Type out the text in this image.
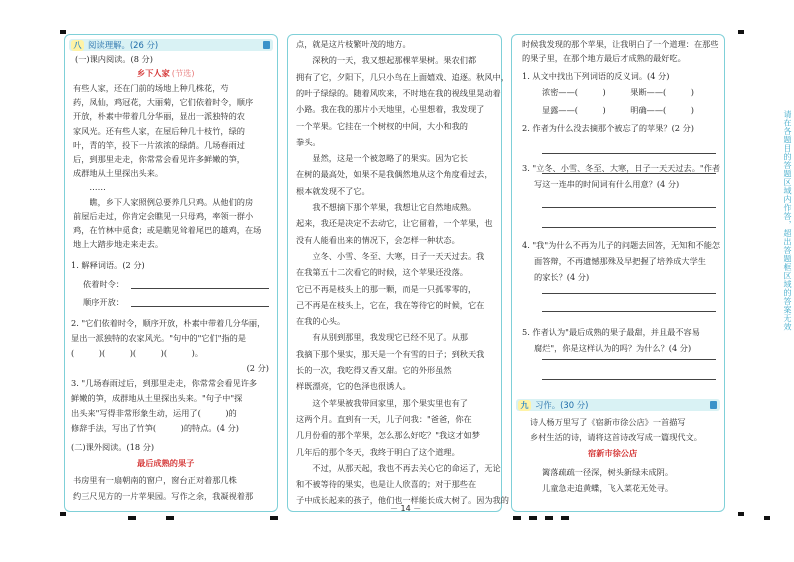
八 阅读理解。(26 分)
(一)课内阅读。(8 分)
乡下人家 (节选)
有些人家，还在门前的场地上种几株花，芍
药，凤仙，鸡冠花，大丽菊，它们依着时令，顺序
开放，朴素中带着几分华丽，显出一派独特的农
家风光。还有些人家，在屋后种几十枝竹，绿的
叶，青的竿，投下一片浓浓的绿荫。几场春雨过
后，到那里走走，你常常会看见许多鲜嫩的笋，
成群地从土里探出头来。
　　……
　　瞧，乡下人家照例总要养几只鸡。从他们的房
前屋后走过，你肯定会瞧见一只母鸡，率领一群小
鸡，在竹林中觅食；或是瞧见耸着尾巴的雄鸡，在场
地上大踏步地走来走去。
1. 解释词语。(2 分)
依着时令：
顺序开放：
2. "它们依着时令，顺序开放，朴素中带着几分华丽，
显出一派独特的农家风光。"句中的"它们"指的是
(　　　)(　　　)(　　　)(　　　)。
(2 分)
3. "几场春雨过后，到那里走走，你常常会看见许多
鲜嫩的笋，成群地从土里探出头来。"句子中"探
出头来"写得非常形象生动，运用了(　　　)的
修辞手法，写出了竹笋(　　　)的特点。(4 分)
(二)课外阅读。(18 分)
最后成熟的果子
书房里有一扇朝南的窗户，窗台正对着那几株
约三尺见方的一片苹果园。写作之余，我凝视着那
点，就是这片枝繁叶茂的地方。
　　深秋的一天，我又想起那棵苹果树。果农们都
拥有了它，夕阳下，几只小鸟在上面嬉戏、追逐。秋风中，
的叶子绿绿的。随着风吹来，不时地在我的视线里晃动着
小路。我在我的那片小天地里，心里想着，我发现了
一个苹果。它挂在一个树杈的中间，大小和我的
拳头。
　　显然，这是一个被忽略了的果实。因为它长
在树的最高处，如果不是我偶然地从这个角度看过去，
根本就发现不了它。
　　我不想摘下那个苹果，我想让它自然地成熟。
起来，我还是决定不去动它，让它留着，一个苹果，也
没有人能看出来的情况下，会怎样一种状态。
　　立冬、小雪、冬至、大寒，日子一天天过去。我
在我第五十二次看它的时候，这个苹果还没落。
它已不再是枝头上的那一颗，而是一只孤零零的，
己不再是在枝头上，它在，我在等待它的时候，它在
在我的心头。
　　有从别到那里，我发现它已经不见了。从那
我摘下那个果实，那天是一个有雪的日子；到秋天我
长的一次，我吃得又香又甜。它的外形虽然
样既漂亮，它的色泽也很诱人。
　　这个苹果被我带回家里，那个果实里也有了
这两个月。直到有一天，儿子问我："爸爸，你在
几月份看的那个苹果，怎么那么好吃？"我这才如梦
几年后的那个冬天，我终于明白了这个道理。
　　不过，从那天起，我也不再去关心它的命运了，无论
和不被等待的果实，也是让人欣喜的；对于那些在
子中成长起来的孩子，他们也一样能长成大树了。因为我的
时候我发现的那个苹果，让我明白了一个道理：在那些
的果子里，在那个地方最后才成熟的最好吃。
1. 从文中找出下列词语的反义词。(4 分)
浓密——(　　　)　　　果断——(　　　)
显露——(　　　)　　　明确——(　　　)
2. 作者为什么没去摘那个被忘了的苹果？(2 分)
3. "立冬、小雪、冬至、大寒，日子一天天过去。"作者
写这一连串的时间词有什么用意？(4 分)
4. "我"为什么不再为儿子的问题去回答，无知和不能怎
面答辩，不再遗憾那殊及早把握了培养成大学生
的家长？(4 分)
5. 作者认为"最后成熟的果子最甜，并且最不容易
腐烂"，你是这样认为的吗？为什么？(4 分)
九 习作。(30 分)
诗人杨万里写了《宿新市徐公店》一首描写
乡村生活的诗，请将这首诗改写成一篇现代文。
宿新市徐公店
篱落疏疏一径深，树头新绿未成阴。
儿童急走追黄蝶，飞入菜花无处寻。
请在各题目的答题区域内作答，超出答题框区域的答案无效
－ 14 －
